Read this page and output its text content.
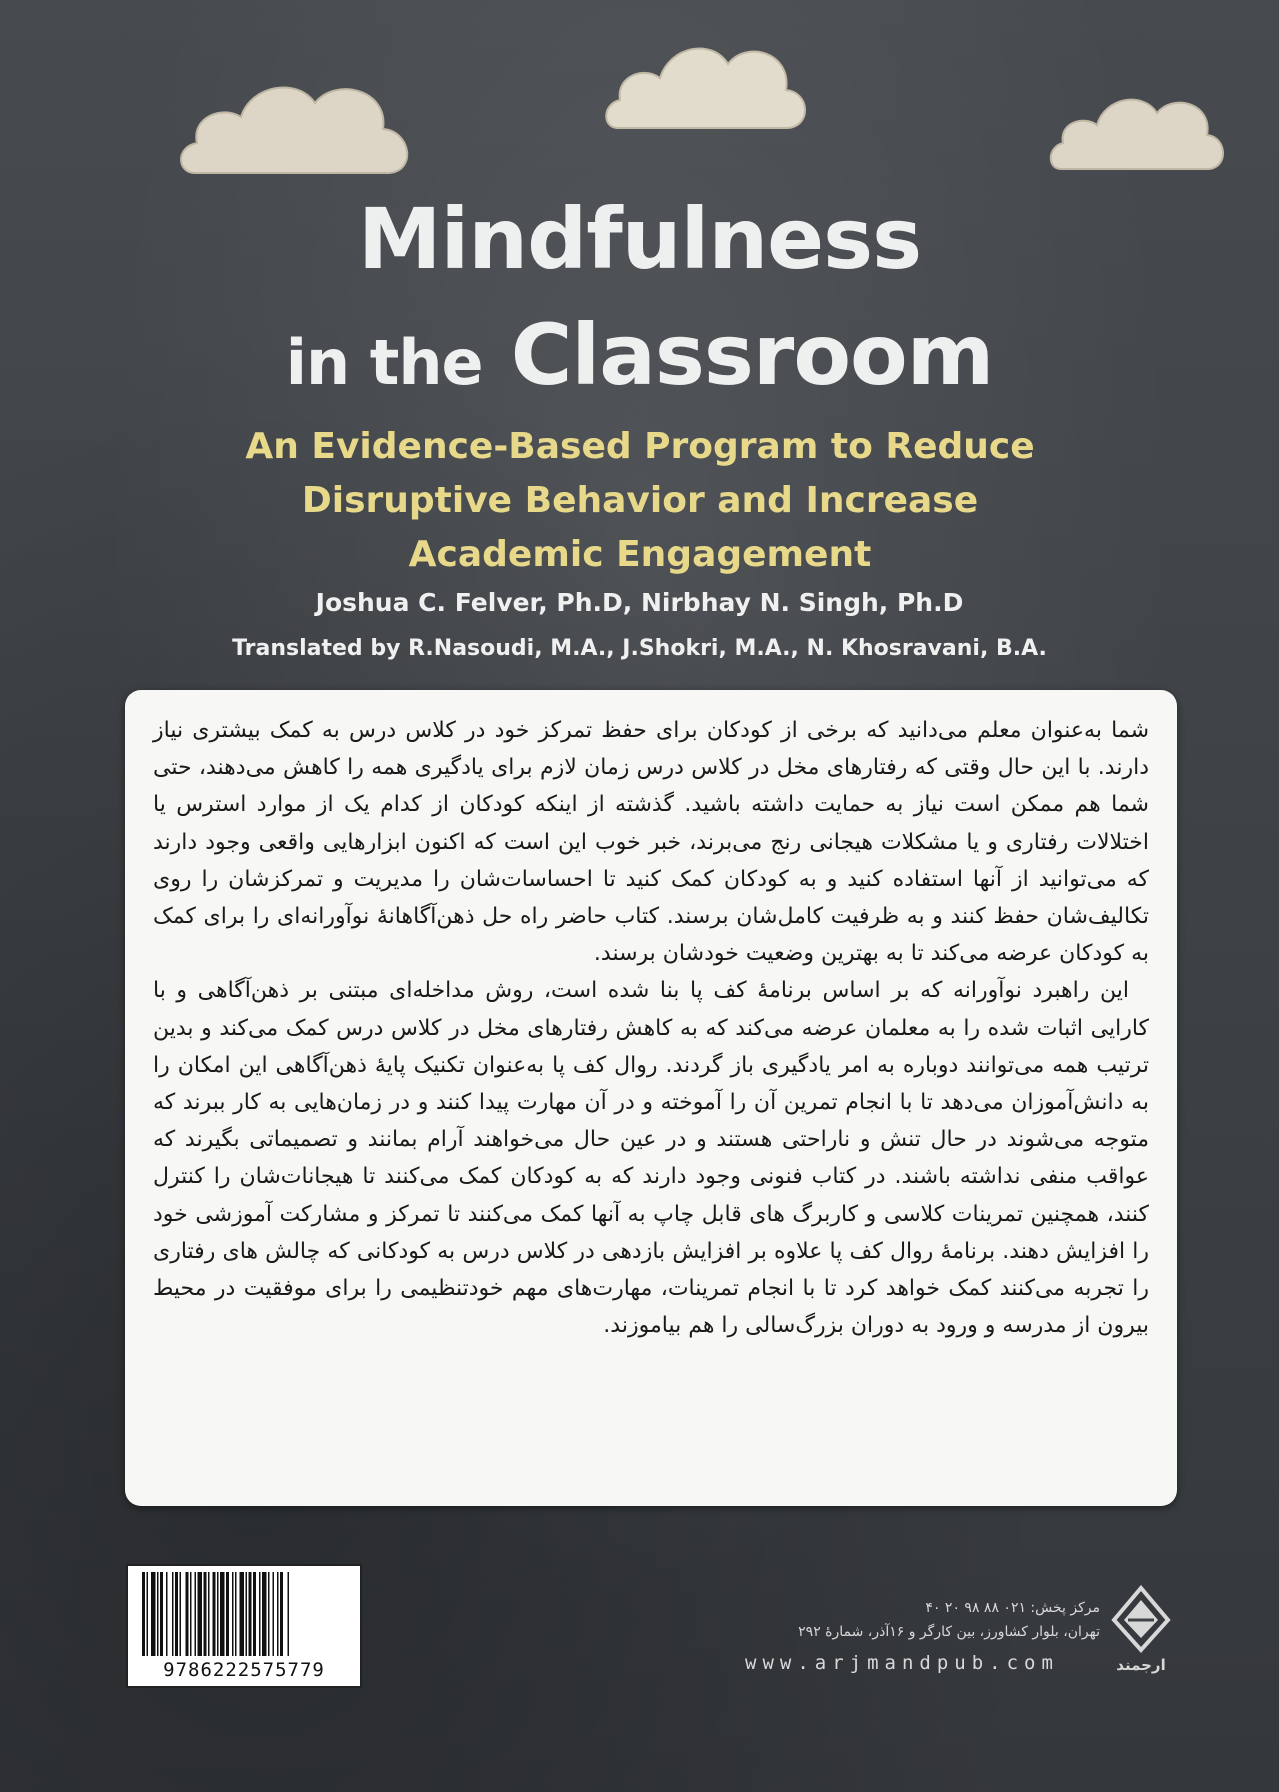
Mindfulness
in the Classroom
An Evidence-Based Program to Reduce
Disruptive Behavior and Increase
Academic Engagement
Joshua C. Felver, Ph.D, Nirbhay N. Singh, Ph.D
Translated by R.Nasoudi, M.A., J.Shokri, M.A., N. Khosravani, B.A.

شما به‌عنوان معلم می‌دانید که برخی از کودکان برای حفظ تمرکز خود در کلاس درس به کمک بیشتری نیاز دارند. با این حال وقتی که رفتارهای مخل در کلاس درس زمان لازم برای یادگیری همه را کاهش می‌دهند، حتی شما هم ممکن است نیاز به حمایت داشته باشید. گذشته از اینکه کودکان از کدام یک از موارد استرس یا اختلالات رفتاری و یا مشکلات هیجانی رنج می‌برند، خبر خوب این است که اکنون ابزارهایی واقعی وجود دارند که می‌توانید از آنها استفاده کنید و به کودکان کمک کنید تا احساسات‌شان را مدیریت و تمرکزشان را روی تکالیف‌شان حفظ کنند و به ظرفیت کامل‌شان برسند. کتاب حاضر راه حل ذهن‌آگاهانهٔ نوآورانه‌ای را برای کمک به کودکان عرضه می‌کند تا به بهترین وضعیت خودشان برسند.

این راهبرد نوآورانه که بر اساس برنامهٔ کف پا بنا شده است، روش مداخله‌ای مبتنی بر ذهن‌آگاهی و با کارایی اثبات شده را به معلمان عرضه می‌کند که به کاهش رفتارهای مخل در کلاس درس کمک می‌کند و بدین ترتیب همه می‌توانند دوباره به امر یادگیری باز گردند. روال کف پا به‌عنوان تکنیک پایهٔ ذهن‌آگاهی این امکان را به دانش‌آموزان می‌دهد تا با انجام تمرین آن را آموخته و در آن مهارت پیدا کنند و در زمان‌هایی به کار ببرند که متوجه می‌شوند در حال تنش و ناراحتی هستند و در عین حال می‌خواهند آرام بمانند و تصمیماتی بگیرند که عواقب منفی نداشته باشند. در کتاب فنونی وجود دارند که به کودکان کمک می‌کنند تا هیجانات‌شان را کنترل کنند، همچنین تمرینات کلاسی و کاربرگ های قابل چاپ به آنها کمک می‌کنند تا تمرکز و مشارکت آموزشی خود را افزایش دهند. برنامهٔ روال کف پا علاوه بر افزایش بازدهی در کلاس درس به کودکانی که چالش های رفتاری را تجربه می‌کنند کمک خواهد کرد تا با انجام تمرینات، مهارت‌های مهم خودتنظیمی را برای موفقیت در محیط بیرون از مدرسه و ورود به دوران بزرگ‌سالی را هم بیاموزند.

9786222575779
مرکز پخش: ۰۲۱ ۸۸ ۹۸ ۲۰ ۴۰
تهران، بلوار کشاورز، بین کارگر و ۱۶آذر، شمارهٔ ۲۹۲
www.arjmandpub.com	ارجمند
